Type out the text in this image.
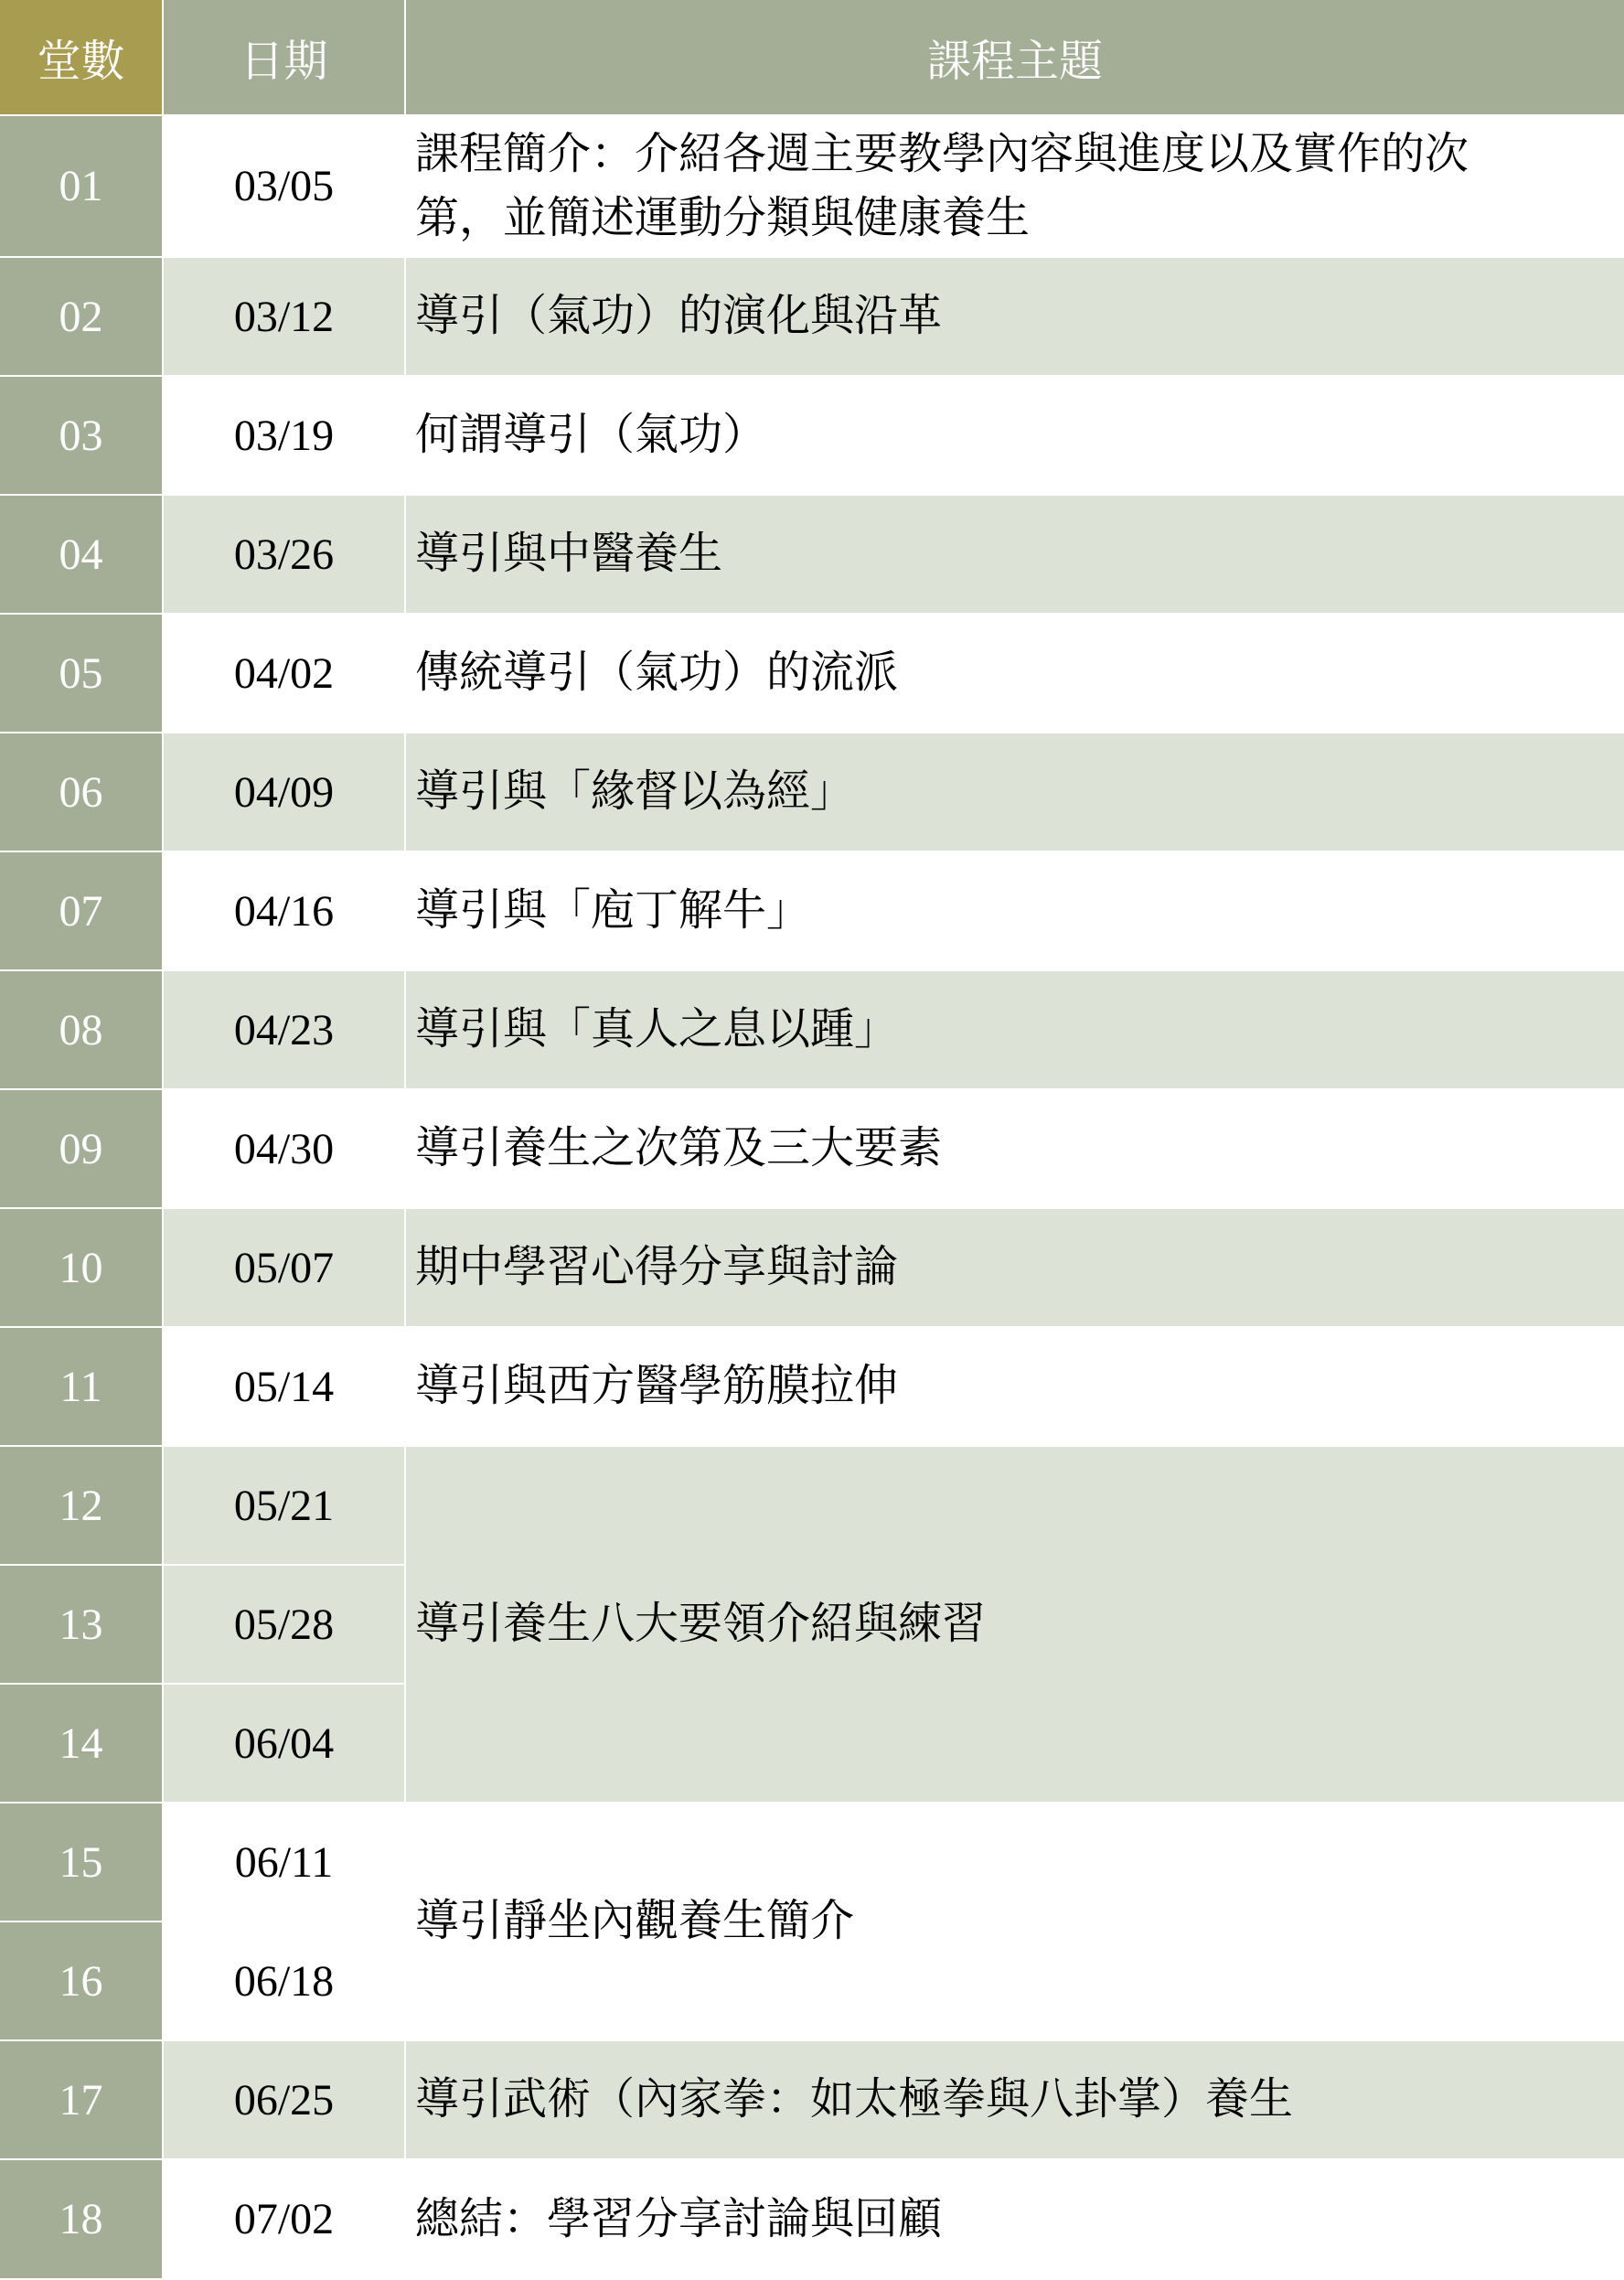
堂數	日期	課程主題
01	03/05	課程簡介：介紹各週主要教學內容與進度以及實作的次第，並簡述運動分類與健康養生
02	03/12	導引（氣功）的演化與沿革
03	03/19	何謂導引（氣功）
04	03/26	導引與中醫養生
05	04/02	傳統導引（氣功）的流派
06	04/09	導引與「緣督以為經」
07	04/16	導引與「庖丁解牛」
08	04/23	導引與「真人之息以踵」
09	04/30	導引養生之次第及三大要素
10	05/07	期中學習心得分享與討論
11	05/14	導引與西方醫學筋膜拉伸
12	05/21	導引養生八大要領介紹與練習
13	05/28	
14	06/04	
15	06/11	導引靜坐內觀養生簡介
16	06/18	
17	06/25	導引武術（內家拳：如太極拳與八卦掌）養生
18	07/02	總結：學習分享討論與回顧
